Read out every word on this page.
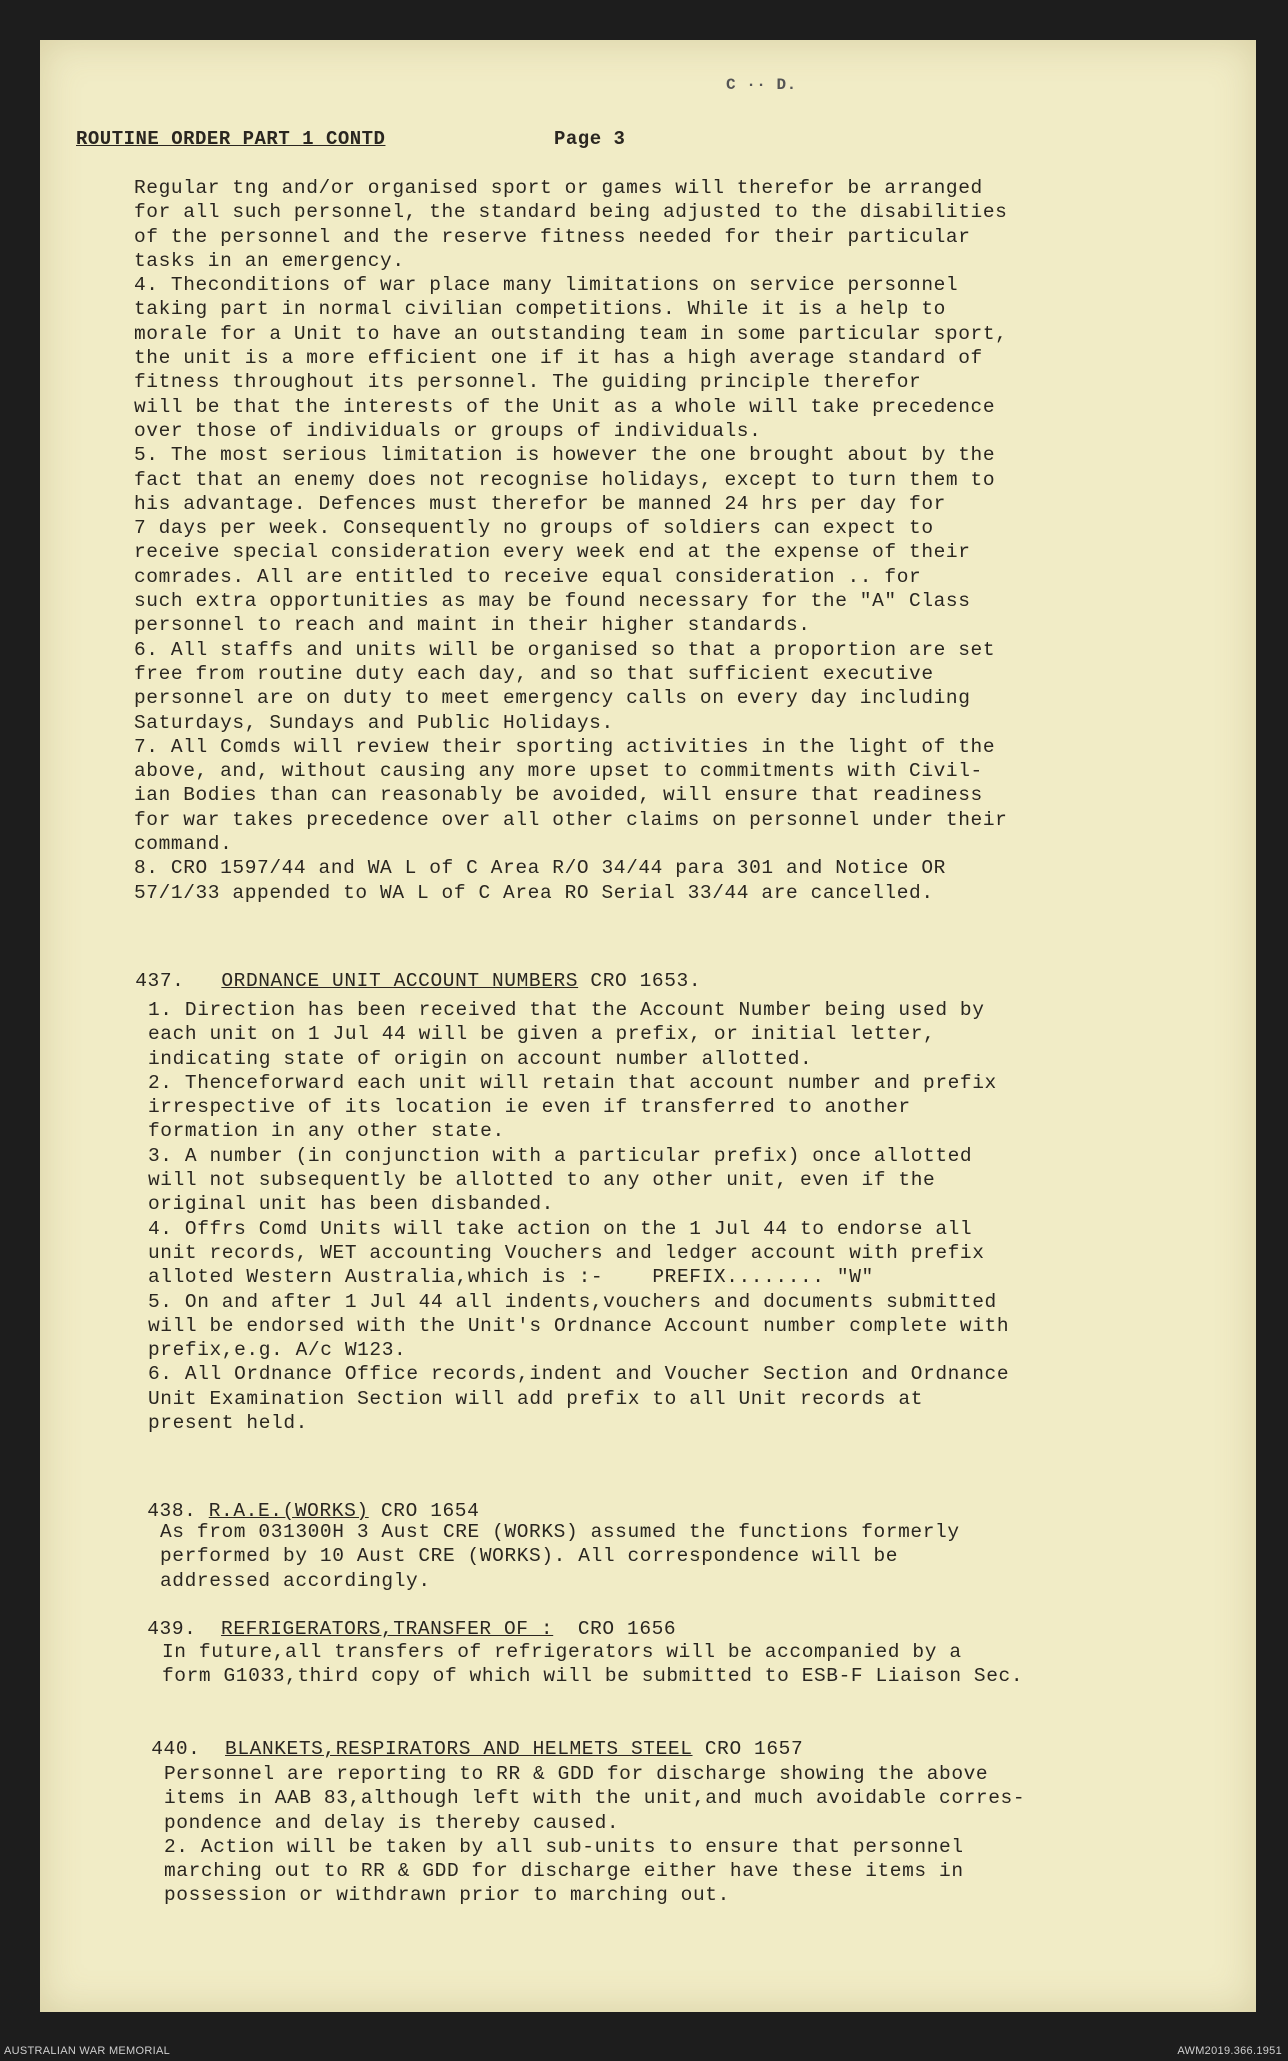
ROUTINE ORDER PART 1 CONTD	Page 3
C ·· D.
Regular tng and/or organised sport or games will therefor be arranged
for all such personnel, the standard being adjusted to the disabilities
of the personnel and the reserve fitness needed for their particular
tasks in an emergency.
4. Theconditions of war place many limitations on service personnel
taking part in normal civilian competitions. While it is a help to
morale for a Unit to have an outstanding team in some particular sport,
the unit is a more efficient one if it has a high average standard of
fitness throughout its personnel. The guiding principle therefor
will be that the interests of the Unit as a whole will take precedence
over those of individuals or groups of individuals.
5. The most serious limitation is however the one brought about by the
fact that an enemy does not recognise holidays, except to turn them to
his advantage. Defences must therefor be manned 24 hrs per day for
7 days per week. Consequently no groups of soldiers can expect to
receive special consideration every week end at the expense of their
comrades. All are entitled to receive equal consideration .. for
such extra opportunities as may be found necessary for the "A" Class
personnel to reach and maint in their higher standards.
6. All staffs and units will be organised so that a proportion are set
free from routine duty each day, and so that sufficient executive
personnel are on duty to meet emergency calls on every day including
Saturdays, Sundays and Public Holidays.
7. All Comds will review their sporting activities in the light of the
above, and, without causing any more upset to commitments with Civil-
ian Bodies than can reasonably be avoided, will ensure that readiness
for war takes precedence over all other claims on personnel under their
command.
8. CRO 1597/44 and WA L of C Area R/O 34/44 para 301 and Notice OR
57/1/33 appended to WA L of C Area RO Serial 33/44 are cancelled.

437. ORDNANCE UNIT ACCOUNT NUMBERS CRO 1653.

1. Direction has been received that the Account Number being used by
each unit on 1 Jul 44 will be given a prefix, or initial letter,
indicating state of origin on account number allotted.
2. Thenceforward each unit will retain that account number and prefix
irrespective of its location ie even if transferred to another
formation in any other state.
3. A number (in conjunction with a particular prefix) once allotted
will not subsequently be allotted to any other unit, even if the
original unit has been disbanded.
4. Offrs Comd Units will take action on the 1 Jul 44 to endorse all
unit records, WET accounting Vouchers and ledger account with prefix
alloted Western Australia,which is :-    PREFIX........ "W"
5. On and after 1 Jul 44 all indents,vouchers and documents submitted
will be endorsed with the Unit's Ordnance Account number complete with
prefix,e.g. A/c W123.
6. All Ordnance Office records,indent and Voucher Section and Ordnance
Unit Examination Section will add prefix to all Unit records at
present held.

438. R.A.E.(WORKS) CRO 1654

As from 031300H 3 Aust CRE (WORKS) assumed the functions formerly
performed by 10 Aust CRE (WORKS). All correspondence will be
addressed accordingly.

439. REFRIGERATORS,TRANSFER OF : CRO 1656

In future,all transfers of refrigerators will be accompanied by a
form G1033,third copy of which will be submitted to ESB-F Liaison Sec.

440. BLANKETS,RESPIRATORS AND HELMETS STEEL CRO 1657

Personnel are reporting to RR & GDD for discharge showing the above
items in AAB 83,although left with the unit,and much avoidable corres-
pondence and delay is thereby caused.
2. Action will be taken by all sub-units to ensure that personnel
marching out to RR & GDD for discharge either have these items in
possession or withdrawn prior to marching out.
AUSTRALIAN WAR MEMORIAL	AWM2019.366.1951
